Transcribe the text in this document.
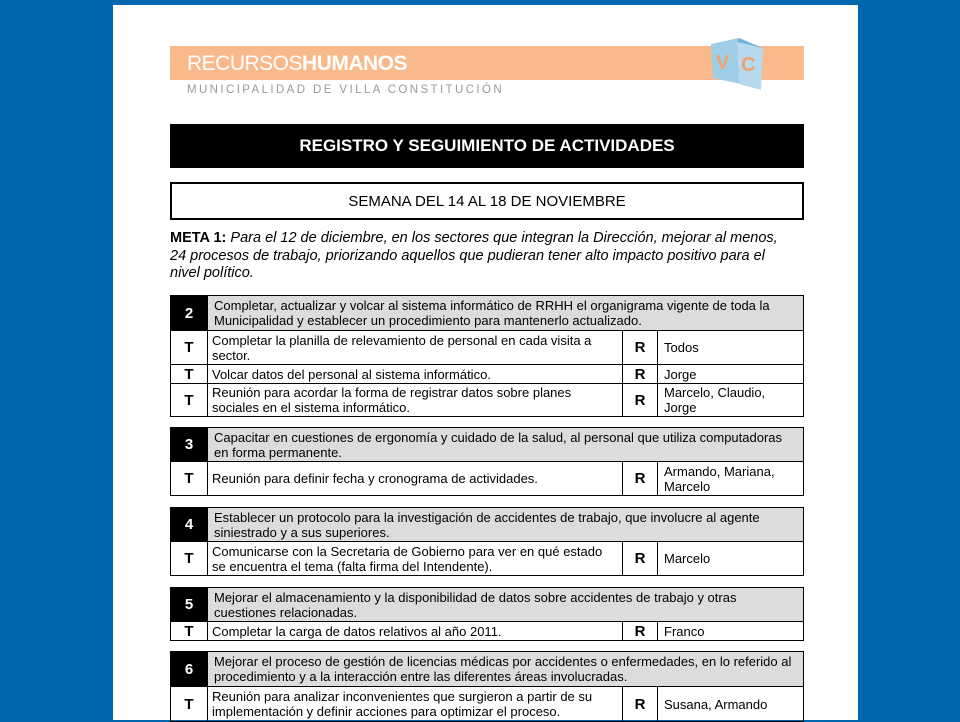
RECURSOSHUMANOS
MUNICIPALIDAD DE VILLA CONSTITUCIÓN
V C
REGISTRO Y SEGUIMIENTO DE ACTIVIDADES
SEMANA DEL 14 AL 18 DE NOVIEMBRE
META 1: Para el 12 de diciembre, en los sectores que integran la Dirección, mejorar al menos, 24 procesos de trabajo, priorizando aquellos que pudieran tener alto impacto positivo para el nivel político.
2	Completar, actualizar y volcar al sistema informático de RRHH el organigrama vigente de toda la Municipalidad y establecer un procedimiento para mantenerlo actualizado.
T	Completar la planilla de relevamiento de personal en cada visita a sector.	R	Todos
T	Volcar datos del personal al sistema informático.	R	Jorge
T	Reunión para acordar la forma de registrar datos sobre planes sociales en el sistema informático.	R	Marcelo, Claudio, Jorge
3	Capacitar en cuestiones de ergonomía y cuidado de la salud, al personal que utiliza computadoras en forma permanente.
T	Reunión para definir fecha y cronograma de actividades.	R	Armando, Mariana, Marcelo
4	Establecer un protocolo para la investigación de accidentes de trabajo, que involucre al agente siniestrado y a sus superiores.
T	Comunicarse con la Secretaria de Gobierno para ver en qué estado se encuentra el tema (falta firma del Intendente).	R	Marcelo
5	Mejorar el almacenamiento y la disponibilidad de datos sobre accidentes de trabajo y otras cuestiones relacionadas.
T	Completar la carga de datos relativos al año 2011.	R	Franco
6	Mejorar el proceso de gestión de licencias médicas por accidentes o enfermedades, en lo referido al procedimiento y a la interacción entre las diferentes áreas involucradas.
T	Reunión para analizar inconvenientes que surgieron a partir de su implementación y definir acciones para optimizar el proceso.	R	Susana, Armando
